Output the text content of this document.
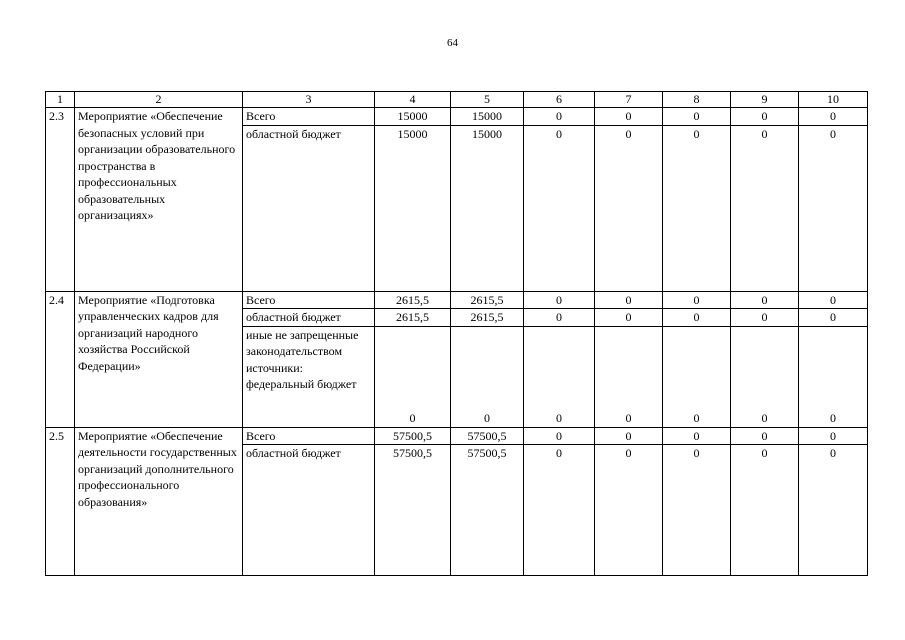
64
1	2	3	4	5	6	7	8	9	10
2.3	Мероприятие «Обеспечение безопасных условий при организации образовательного пространства в профессиональных образовательных организациях»	Всего	15000	15000	0	0	0	0	0
		областной бюджет	15000	15000	0	0	0	0	0
2.4	Мероприятие «Подготовка управленческих кадров для организаций народного хозяйства Российской Федерации»	Всего	2615,5	2615,5	0	0	0	0	0
		областной бюджет	2615,5	2615,5	0	0	0	0	0
		иные не запрещенные законодательством источники: федеральный бюджет	0	0	0	0	0	0	0
2.5	Мероприятие «Обеспечение деятельности государственных организаций дополнительного профессионального образования»	Всего	57500,5	57500,5	0	0	0	0	0
		областной бюджет	57500,5	57500,5	0	0	0	0	0
